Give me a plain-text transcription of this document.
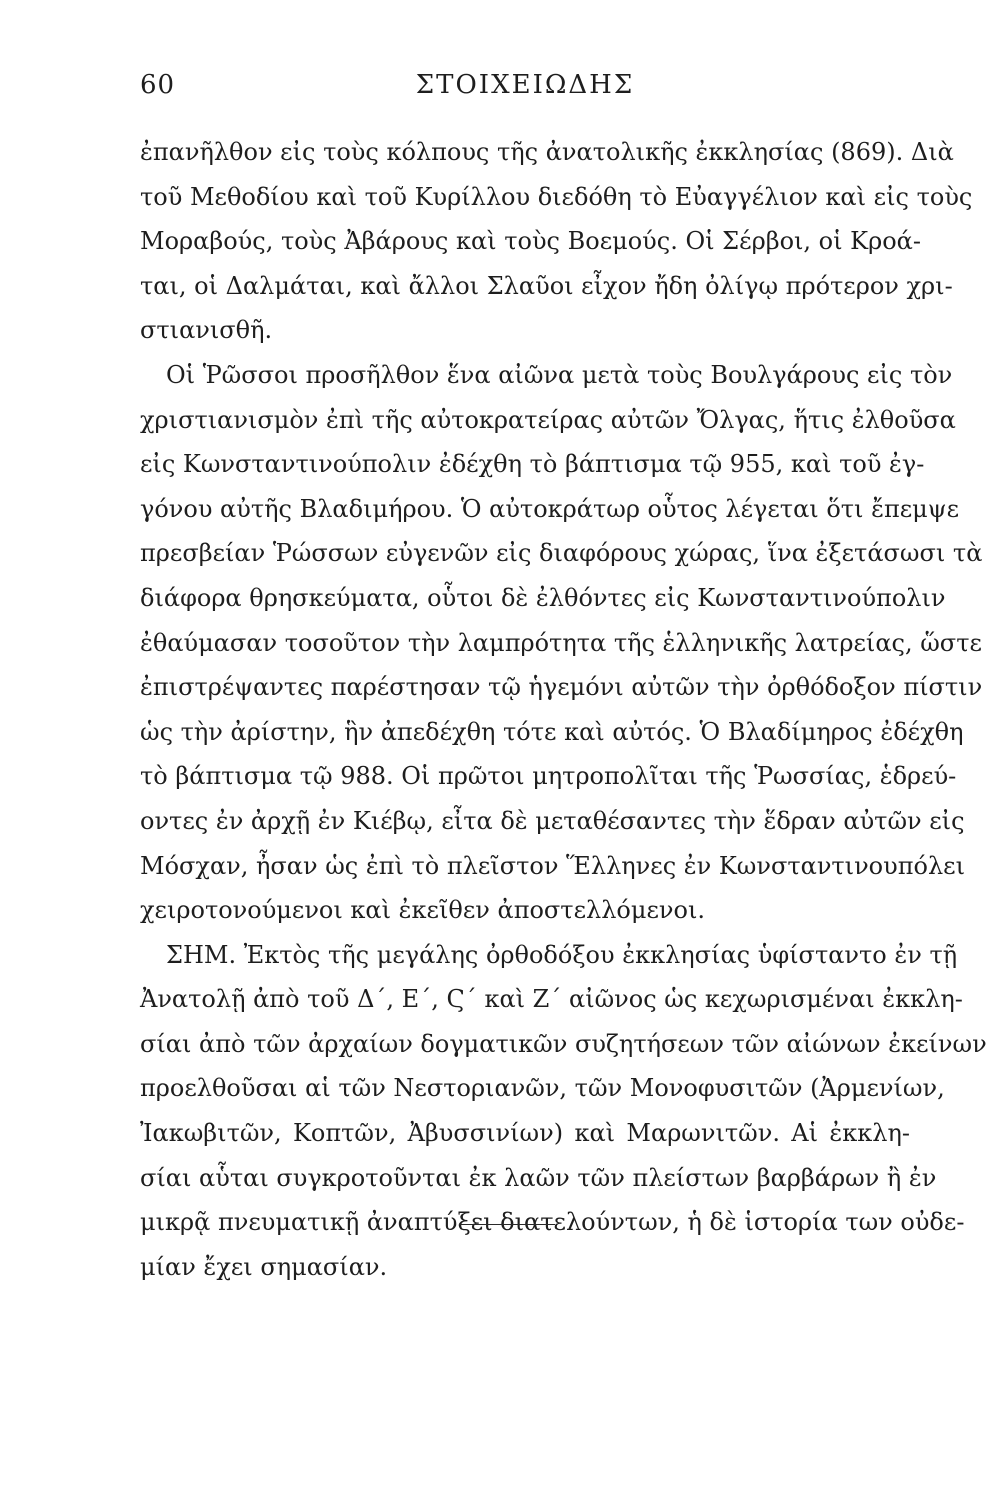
ΣΤΟΙΧΕΙΩΔΗΣ
60
ἐπανῆλθον εἰς τοὺς κόλπους τῆς ἀνατολικῆς ἐκκλησίας (869). Διὰ
τοῦ Μεθοδίου καὶ τοῦ Κυρίλλου διεδόθη τὸ Εὐαγγέλιον καὶ εἰς τοὺς
Μοραβούς, τοὺς Ἀβάρους καὶ τοὺς Βοεμούς. Οἱ Σέρβοι, οἱ Κροά-
ται, οἱ Δαλμάται, καὶ ἄλλοι Σλαῦοι εἶχον ἤδη ὀλίγῳ πρότερον χρι-
στιανισθῆ.
Οἱ Ῥῶσσοι προσῆλθον ἕνα αἰῶνα μετὰ τοὺς Βουλγάρους εἰς τὸν
χριστιανισμὸν ἐπὶ τῆς αὐτοκρατείρας αὐτῶν Ὄλγας, ἥτις ἐλθοῦσα
εἰς Κωνσταντινούπολιν ἐδέχθη τὸ βάπτισμα τῷ 955, καὶ τοῦ ἐγ-
γόνου αὐτῆς Βλαδιμήρου. Ὁ αὐτοκράτωρ οὗτος λέγεται ὅτι ἔπεμψε
πρεσβείαν Ῥώσσων εὐγενῶν εἰς διαφόρους χώρας, ἵνα ἐξετάσωσι τὰ
διάφορα θρησκεύματα, οὗτοι δὲ ἐλθόντες εἰς Κωνσταντινούπολιν
ἐθαύμασαν τοσοῦτον τὴν λαμπρότητα τῆς ἑλληνικῆς λατρείας, ὥστε
ἐπιστρέψαντες παρέστησαν τῷ ἡγεμόνι αὐτῶν τὴν ὀρθόδοξον πίστιν
ὡς τὴν ἀρίστην, ἣν ἀπεδέχθη τότε καὶ αὐτός. Ὁ Βλαδίμηρος ἐδέχθη
τὸ βάπτισμα τῷ 988. Οἱ πρῶτοι μητροπολῖται τῆς Ῥωσσίας, ἑδρεύ-
οντες ἐν ἀρχῇ ἐν Κιέβῳ, εἶτα δὲ μεταθέσαντες τὴν ἕδραν αὐτῶν εἰς
Μόσχαν, ἦσαν ὡς ἐπὶ τὸ πλεῖστον Ἕλληνες ἐν Κωνσταντινουπόλει
χειροτονούμενοι καὶ ἐκεῖθεν ἀποστελλόμενοι.
ΣΗΜ. Ἐκτὸς τῆς μεγάλης ὀρθοδόξου ἐκκλησίας ὑφίσταντο ἐν τῇ
Ἀνατολῇ ἀπὸ τοῦ Δ΄, Ε΄, Ϛ΄ καὶ Ζ΄ αἰῶνος ὡς κεχωρισμέναι ἐκκλη-
σίαι ἀπὸ τῶν ἀρχαίων δογματικῶν συζητήσεων τῶν αἰώνων ἐκείνων
προελθοῦσαι αἱ τῶν Νεστοριανῶν, τῶν Μονοφυσιτῶν (Ἀρμενίων,
Ἰακωβιτῶν, Κοπτῶν, Ἀβυσσινίων) καὶ Μαρωνιτῶν. Αἱ ἐκκλη-
σίαι αὗται συγκροτοῦνται ἐκ λαῶν τῶν πλείστων βαρβάρων ἢ ἐν
μικρᾷ πνευματικῇ ἀναπτύξει διατελούντων, ἡ δὲ ἱστορία των οὐδε-
μίαν ἔχει σημασίαν.
